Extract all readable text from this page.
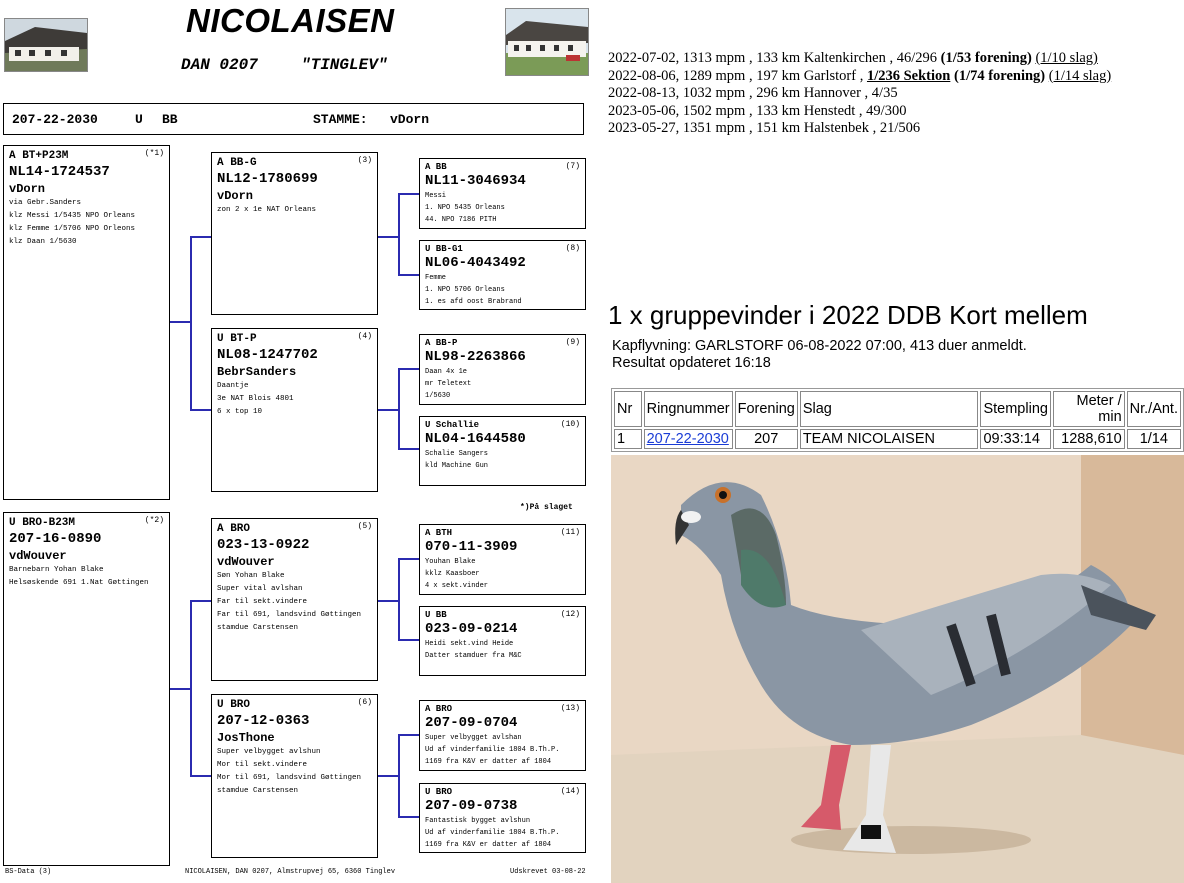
NICOLAISEN
DAN 0207	"TINGLEV"
207-22-2030	U BB	STAMME: vDorn
(*1)
A BT+P23M
NL14-1724537
vDorn
via Gebr.Sanders
klz Messi 1/5435 NPO Orleans
klz Femme 1/5706 NPO Orleons
klz Daan 1/5630
(*2)
U BRO-B23M
207-16-0890
vdWouver
Barnebarn Yohan Blake
Helsøskende 691 1.Nat Gøttingen
(3)
A BB-G
NL12-1780699
vDorn
zon 2 x 1e NAT Orleans
(4)
U BT-P
NL08-1247702
BebrSanders
Daantje
3e NAT Blois 4801
6 x top 10
(5)
A BRO
023-13-0922
vdWouver
Søn Yohan Blake
Super vital avlshan
Far til sekt.vindere
Far til 691, landsvind Gøttingen
stamdue Carstensen
(6)
U BRO
207-12-0363
JosThone
Super velbygget avlshun
Mor til sekt.vindere
Mor til 691, landsvind Gøttingen
stamdue Carstensen
(7)
A BB
NL11-3046934
Messi
1. NPO 5435 Orleans
44. NPO 7186 PITH
(8)
U BB-G1
NL06-4043492
Femme
1. NPO 5706 Orleans
1. es afd oost Brabrand
(9)
A BB-P
NL98-2263866
Daan 4x 1e
mr Teletext
1/5630
(10)
U Schallie
NL04-1644580
Schalie Sangers
kld Machine Gun
*)På slaget
(11)
A BTH
070-11-3909
Youhan Blake
kklz Kaasboer
4 x sekt.vinder
(12)
U BB
023-09-0214
Heidi sekt.vind Heide
Datter stamduer fra M&C
(13)
A BRO
207-09-0704
Super velbygget avlshan
Ud af vinderfamilie 1804 B.Th.P.
1169 fra K&V er datter af 1804
(14)
U BRO
207-09-0738
Fantastisk bygget avlshun
Ud af vinderfamilie 1804 B.Th.P.
1169 fra K&V er datter af 1804
BS-Data (3)	NICOLAISEN, DAN 0207, Almstrupvej 65, 6360 Tinglev	Udskrevet 03-08-22
2022-07-02, 1313 mpm , 133 km Kaltenkirchen , 46/296 (1/53 forening) (1/10 slag)
2022-08-06, 1289 mpm , 197 km Garlstorf , 1/236 Sektion (1/74 forening) (1/14 slag)
2022-08-13, 1032 mpm , 296 km Hannover , 4/35
2023-05-06, 1502 mpm , 133 km Henstedt , 49/300
2023-05-27, 1351 mpm , 151 km Halstenbek , 21/506
1 x gruppevinder i 2022 DDB Kort mellem
Kapflyvning: GARLSTORF 06-08-2022 07:00, 413 duer anmeldt.
Resultat opdateret 16:18
Nr	Ringnummer	Forening	Slag	Stempling	Meter / min	Nr./Ant.
1	207-22-2030	207	TEAM NICOLAISEN	09:33:14	1288,610	1/14
